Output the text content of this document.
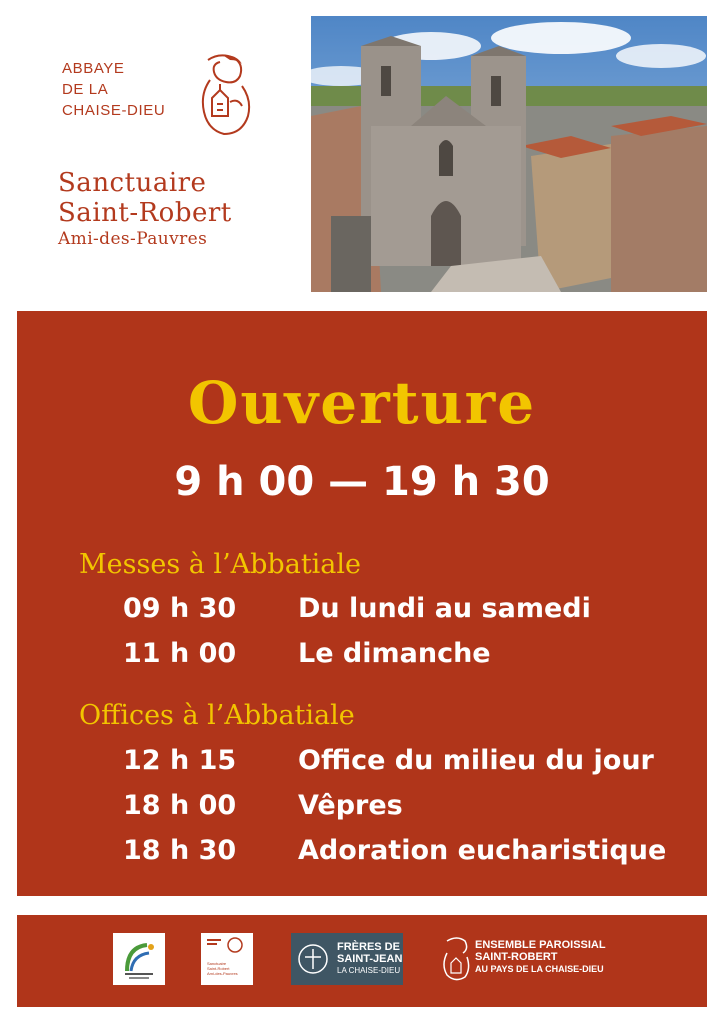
ABBAYE
DE LA
CHAISE-DIEU
Sanctuaire
Saint-Robert
Ami-des-Pauvres
Ouverture
9 h 00 — 19 h 30
Messes à l’Abbatiale
09 h 30 Du lundi au samedi
11 h 00 Le dimanche
Offices à l’Abbatiale
12 h 15 Office du milieu du jour
18 h 00 Vêpres
18 h 30 Adoration eucharistique
Sanctuaire
Saint-Robert
Ami-des-Pauvres
FRÈRES DE
SAINT-JEAN
LA CHAISE-DIEU
ENSEMBLE PAROISSIAL
SAINT-ROBERT
AU PAYS DE LA CHAISE-DIEU
